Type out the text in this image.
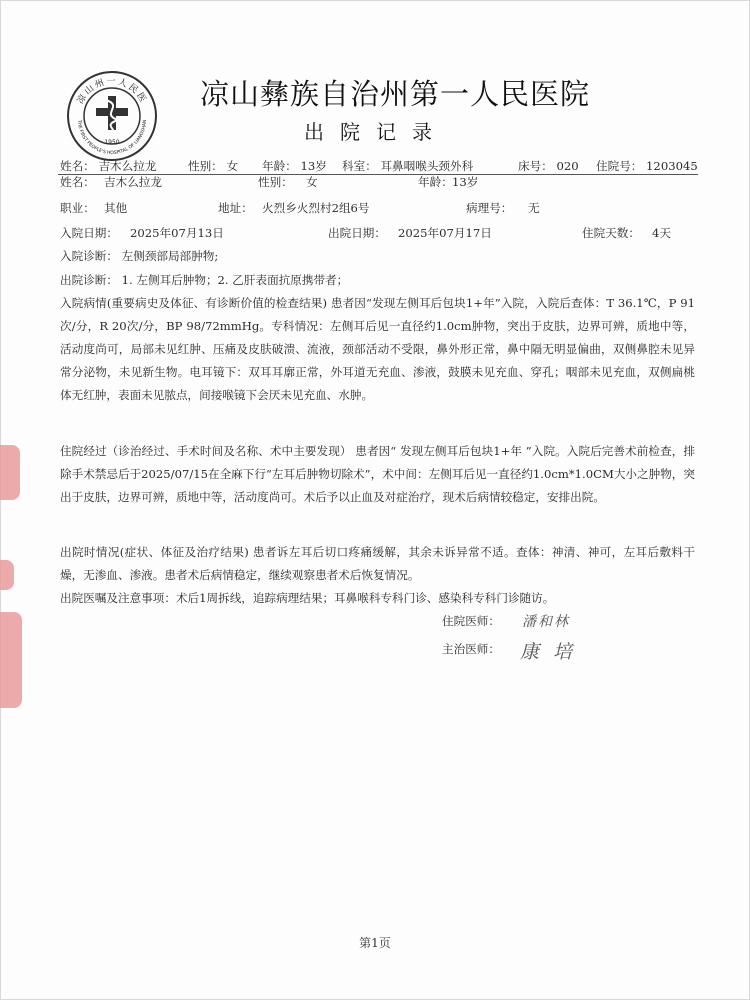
凉山州一人民医
THE FIRST PEOPLE'S HOSPITAL OF LIANGSHAN
1950
凉山彝族自治州第一人民医院
出院记录
姓名： 吉木么拉龙	性别： 女 年龄： 13岁 科室： 耳鼻咽喉头颈外科	床号： 020 住院号： 1203045
姓名： 吉木么拉龙	性别： 女	年龄： 13岁
职业： 其他	地址： 火烈乡火烈村2组6号	病理号： 无
入院日期： 2025年07月13日	出院日期： 2025年07月17日	住院天数： 4天
入院诊断： 左侧颈部局部肿物;
出院诊断： 1. 左侧耳后肿物；2. 乙肝表面抗原携带者；
入院病情(重要病史及体征、有诊断价值的检查结果) 患者因“发现左侧耳后包块1+年”入院，入院后查体：T 36.1℃，P 91次/分，R 20次/分，BP 98/72mmHg。专科情况：左侧耳后见一直径约1.0cm肿物，突出于皮肤，边界可辨，质地中等，活动度尚可，局部未见红肿、压痛及皮肤破溃、流液，颈部活动不受限，鼻外形正常，鼻中隔无明显偏曲，双侧鼻腔未见异常分泌物，未见新生物。电耳镜下：双耳耳廓正常，外耳道无充血、渗液，鼓膜未见充血、穿孔；咽部未见充血，双侧扁桃体无红肿，表面未见脓点，间接喉镜下会厌未见充血、水肿。
住院经过（诊治经过、手术时间及名称、术中主要发现） 患者因“ 发现左侧耳后包块1+年 ”入院。入院后完善术前检查，排除手术禁忌后于2025/07/15在全麻下行“左耳后肿物切除术”，术中间：左侧耳后见一直径约1.0cm*1.0CM大小之肿物，突出于皮肤，边界可辨，质地中等，活动度尚可。术后予以止血及对症治疗，现术后病情较稳定，安排出院。
出院时情况(症状、体征及治疗结果) 患者诉左耳后切口疼痛缓解，其余未诉异常不适。查体：神清、神可，左耳后敷料干燥，无渗血、渗液。患者术后病情稳定，继续观察患者术后恢复情况。
出院医嘱及注意事项：术后1周拆线，追踪病理结果；耳鼻喉科专科门诊、感染科专科门诊随访。
住院医师： 潘和林
主治医师： 康 培
第1页
